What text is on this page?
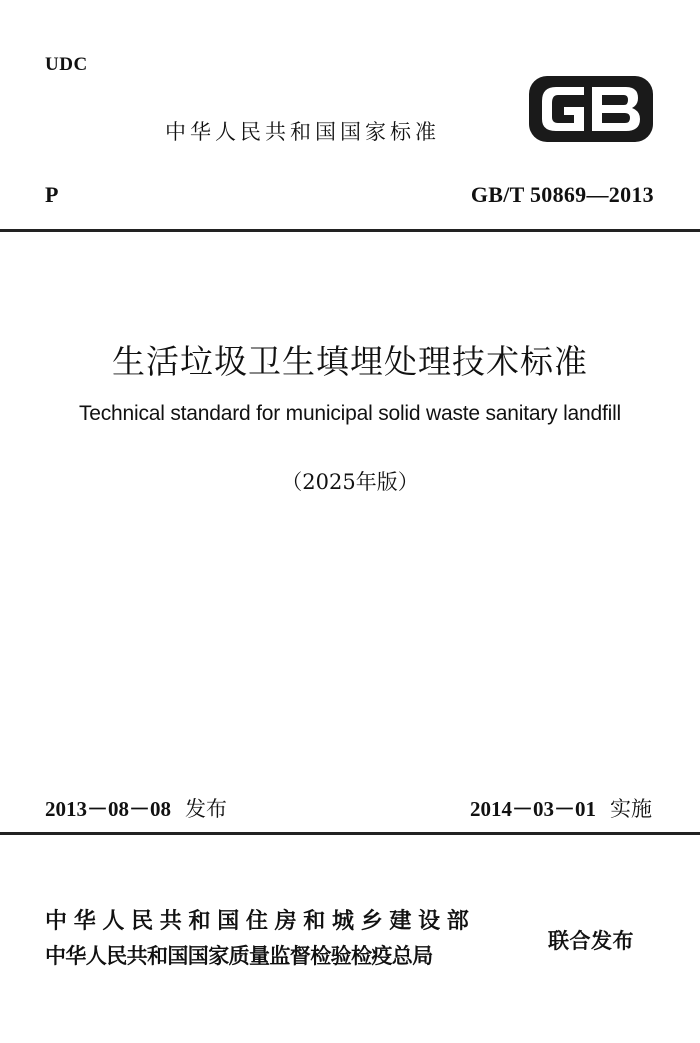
UDC
中华人民共和国国家标准
P	GB/T 50869—2013
生活垃圾卫生填埋处理技术标准
Technical standard for municipal solid waste sanitary landfill
（2025年版）
2013－08－08 发布	2014－03－01 实施
中华人民共和国住房和城乡建设部
中华人民共和国国家质量监督检验检疫总局
联合发布
